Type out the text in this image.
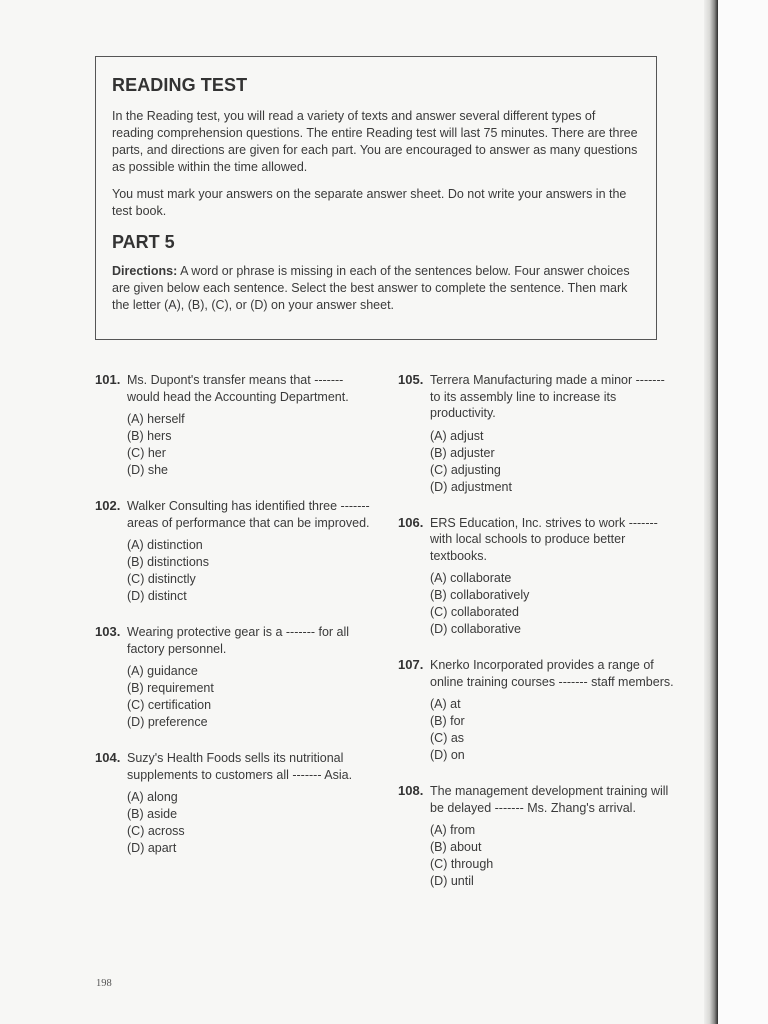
READING TEST

In the Reading test, you will read a variety of texts and answer several different types of reading comprehension questions. The entire Reading test will last 75 minutes. There are three parts, and directions are given for each part. You are encouraged to answer as many questions as possible within the time allowed.

You must mark your answers on the separate answer sheet. Do not write your answers in the test book.

PART 5

Directions: A word or phrase is missing in each of the sentences below. Four answer choices are given below each sentence. Select the best answer to complete the sentence. Then mark the letter (A), (B), (C), or (D) on your answer sheet.

101. Ms. Dupont's transfer means that ------- would head the Accounting Department.
(A) herself
(B) hers
(C) her
(D) she
102. Walker Consulting has identified three ------- areas of performance that can be improved.
(A) distinction
(B) distinctions
(C) distinctly
(D) distinct
103. Wearing protective gear is a ------- for all factory personnel.
(A) guidance
(B) requirement
(C) certification
(D) preference
104. Suzy's Health Foods sells its nutritional supplements to customers all ------- Asia.
(A) along
(B) aside
(C) across
(D) apart
105. Terrera Manufacturing made a minor ------- to its assembly line to increase its productivity.
(A) adjust
(B) adjuster
(C) adjusting
(D) adjustment
106. ERS Education, Inc. strives to work ------- with local schools to produce better textbooks.
(A) collaborate
(B) collaboratively
(C) collaborated
(D) collaborative
107. Knerko Incorporated provides a range of online training courses ------- staff members.
(A) at
(B) for
(C) as
(D) on
108. The management development training will be delayed ------- Ms. Zhang's arrival.
(A) from
(B) about
(C) through
(D) until
198
